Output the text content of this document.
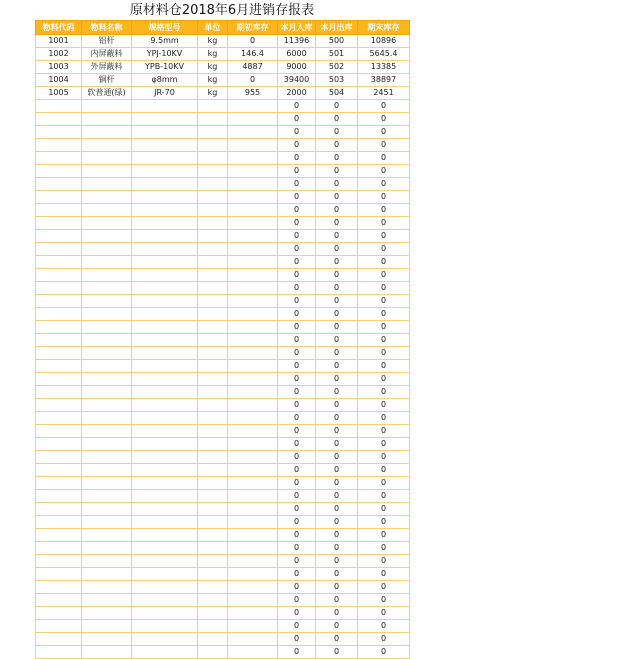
原材料仓2018年6月进销存报表
物料代码	物料名称	规格型号	单位	期初库存	本月入库	本月出库	期末库存
1001	铝杆	9.5mm	kg	0	11396	500	10896
1002	内屏蔽料	YPJ-10KV	kg	146.4	6000	501	5645.4
1003	外屏蔽料	YPB-10KV	kg	4887	9000	502	13385
1004	铜杆	φ8mm	kg	0	39400	503	38897
1005	软普通(绿)	JR-70	kg	955	2000	504	2451
					0	0	0
					0	0	0
					0	0	0
					0	0	0
					0	0	0
					0	0	0
					0	0	0
					0	0	0
					0	0	0
					0	0	0
					0	0	0
					0	0	0
					0	0	0
					0	0	0
					0	0	0
					0	0	0
					0	0	0
					0	0	0
					0	0	0
					0	0	0
					0	0	0
					0	0	0
					0	0	0
					0	0	0
					0	0	0
					0	0	0
					0	0	0
					0	0	0
					0	0	0
					0	0	0
					0	0	0
					0	0	0
					0	0	0
					0	0	0
					0	0	0
					0	0	0
					0	0	0
					0	0	0
					0	0	0
					0	0	0
					0	0	0
					0	0	0
					0	0	0
